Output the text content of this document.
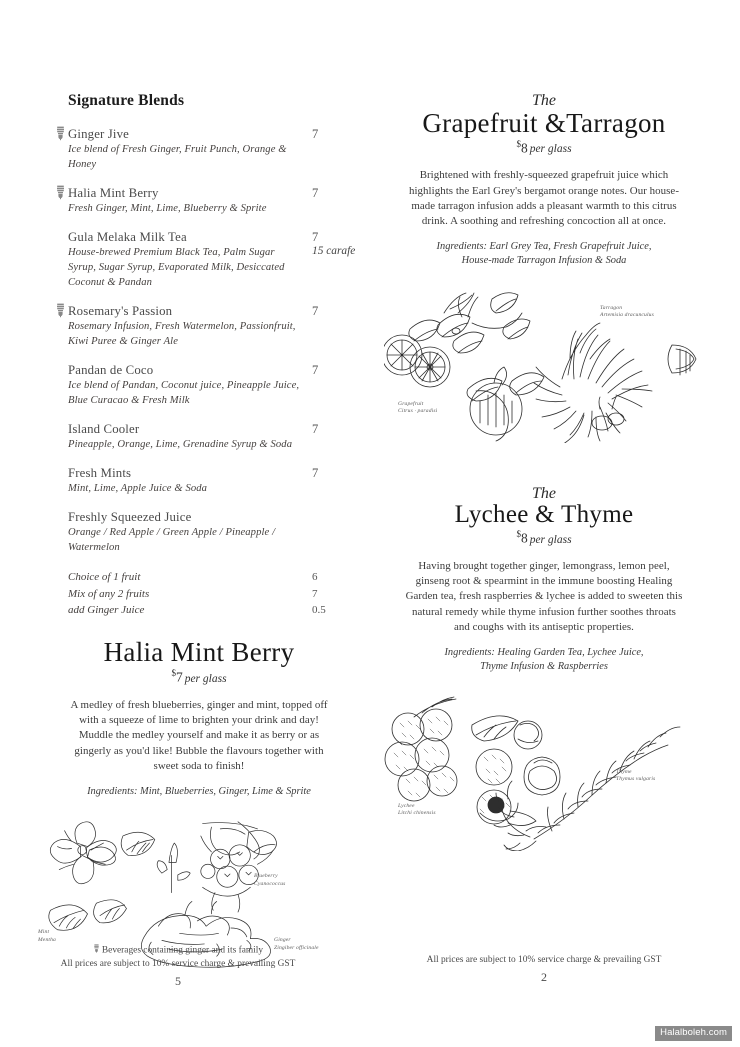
Signature Blends
Ginger Jive	7
Ice blend of Fresh Ginger, Fruit Punch, Orange & Honey
Halia Mint Berry	7
Fresh Ginger, Mint, Lime, Blueberry & Sprite
Gula Melaka Milk Tea	7
15 carafe
House-brewed Premium Black Tea, Palm Sugar Syrup, Sugar Syrup, Evaporated Milk, Desiccated Coconut & Pandan
Rosemary's Passion	7
Rosemary Infusion, Fresh Watermelon, Passionfruit, Kiwi Puree & Ginger Ale
Pandan de Coco	7
Ice blend of Pandan, Coconut juice, Pineapple Juice, Blue Curacao & Fresh Milk
Island Cooler	7
Pineapple, Orange, Lime, Grenadine Syrup & Soda
Fresh Mints	7
Mint, Lime, Apple Juice & Soda
Freshly Squeezed Juice
Orange / Red Apple / Green Apple / Pineapple / Watermelon
Choice of 1 fruit	6
Mix of any 2 fruits	7
add Ginger Juice	0.5
Halia Mint Berry
$7 per glass
A medley of fresh blueberries, ginger and mint, topped off with a squeeze of lime to brighten your drink and day! Muddle the medley yourself and make it as berry or as gingerly as you'd like! Bubble the flavours together with sweet soda to finish!
Ingredients: Mint, Blueberries, Ginger, Lime & Sprite
Mint
Mentha
Blueberry
Cyanococcus
Ginger
Zingiber officinale
Beverages containing ginger and its family
All prices are subject to 10% service charge & prevailing GST
5
The
Grapefruit &Tarragon
$8 per glass
Brightened with freshly-squeezed grapefruit juice which highlights the Earl Grey's bergamot orange notes. Our house-made tarragon infusion adds a pleasant warmth to this citrus drink. A soothing and refreshing concoction all at once.
Ingredients: Earl Grey Tea, Fresh Grapefruit Juice,
House-made Tarragon Infusion & Soda
Grapefruit
Citrus · paradisi
Tarragon
Artemisia dracunculus
The
Lychee & Thyme
$8 per glass
Having brought together ginger, lemongrass, lemon peel, ginseng root & spearmint in the immune boosting Healing Garden tea, fresh raspberries & lychee is added to sweeten this natural remedy while thyme infusion further soothes throats and coughs with its antiseptic properties.
Ingredients: Healing Garden Tea, Lychee Juice,
Thyme Infusion & Raspberries
Lychee
Litchi chinensis
Thyme
Thymus vulgaris
All prices are subject to 10% service charge & prevailing GST
2
Halalboleh.com
